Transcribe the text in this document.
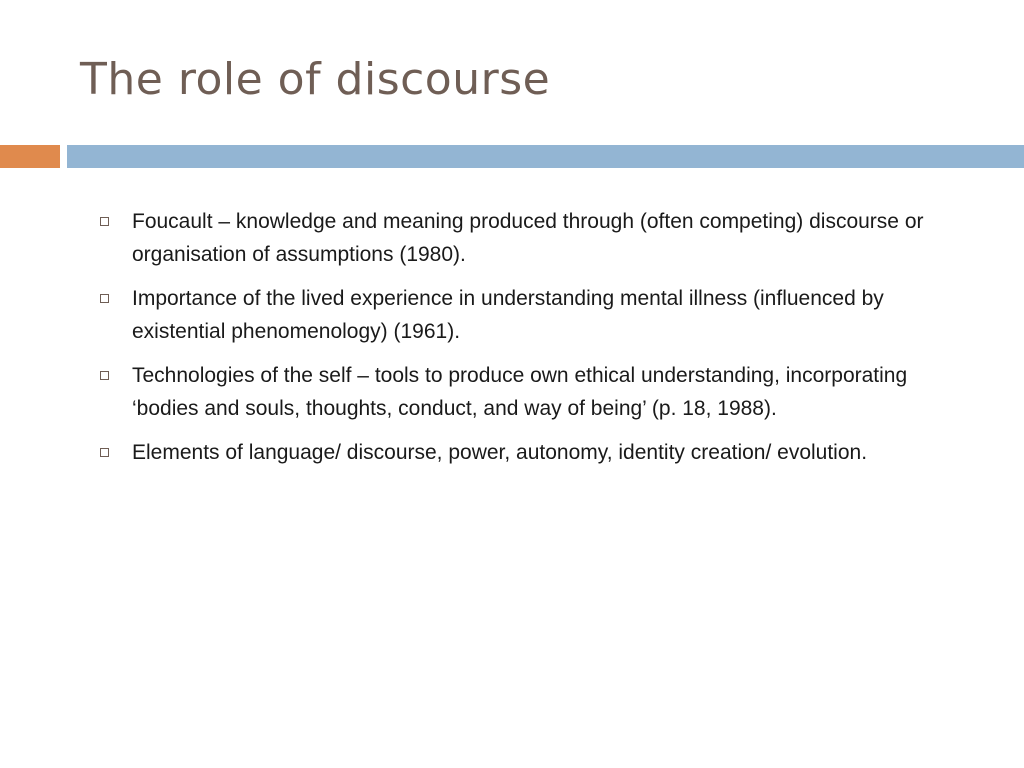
The role of discourse
Foucault – knowledge and meaning produced through (often competing) discourse or organisation of assumptions (1980).
Importance of the lived experience in understanding mental illness (influenced by existential phenomenology) (1961).
Technologies of the self – tools to produce own ethical understanding, incorporating ‘bodies and souls, thoughts, conduct, and way of being’ (p. 18, 1988).
Elements of language/ discourse, power, autonomy, identity creation/ evolution.
